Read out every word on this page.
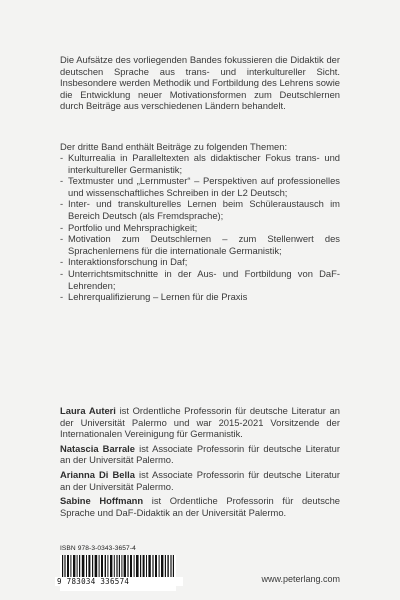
Die Aufsätze des vorliegenden Bandes fokussieren die Didaktik der deutschen Sprache aus trans- und interkultureller Sicht. Insbesondere werden Methodik und Fortbildung des Lehrens sowie die Entwicklung neuer Motivationsformen zum Deutschlernen durch Beiträge aus verschiedenen Ländern behandelt.

Der dritte Band enthält Beiträge zu folgenden Themen:

- Kulturrealia in Paralleltexten als didaktischer Fokus trans- und interkultureller Germanistik;
- Textmuster und „Lernmuster“ – Perspektiven auf professionelles und wissenschaftliches Schreiben in der L2 Deutsch;
- Inter- und transkulturelles Lernen beim Schüleraustausch im Bereich Deutsch (als Fremdsprache);
- Portfolio und Mehrsprachigkeit;
- Motivation zum Deutschlernen – zum Stellenwert des Sprachenlernens für die internationale Germanistik;
- Interaktionsforschung in Daf;
- Unterrichtsmitschnitte in der Aus- und Fortbildung von DaF-Lehrenden;
- Lehrerqualifizierung – Lernen für die Praxis

Laura Auteri ist Ordentliche Professorin für deutsche Literatur an der Universität Palermo und war 2015-2021 Vorsitzende der Internationalen Vereinigung für Germanistik.

Natascia Barrale ist Associate Professorin für deutsche Literatur an der Universität Palermo.

Arianna Di Bella ist Associate Professorin für deutsche Literatur an der Universität Palermo.

Sabine Hoffmann ist Ordentliche Professorin für deutsche Sprache und DaF-Didaktik an der Universität Palermo.

ISBN 978-3-0343-3657-4
9 783034 336574	www.peterlang.com
